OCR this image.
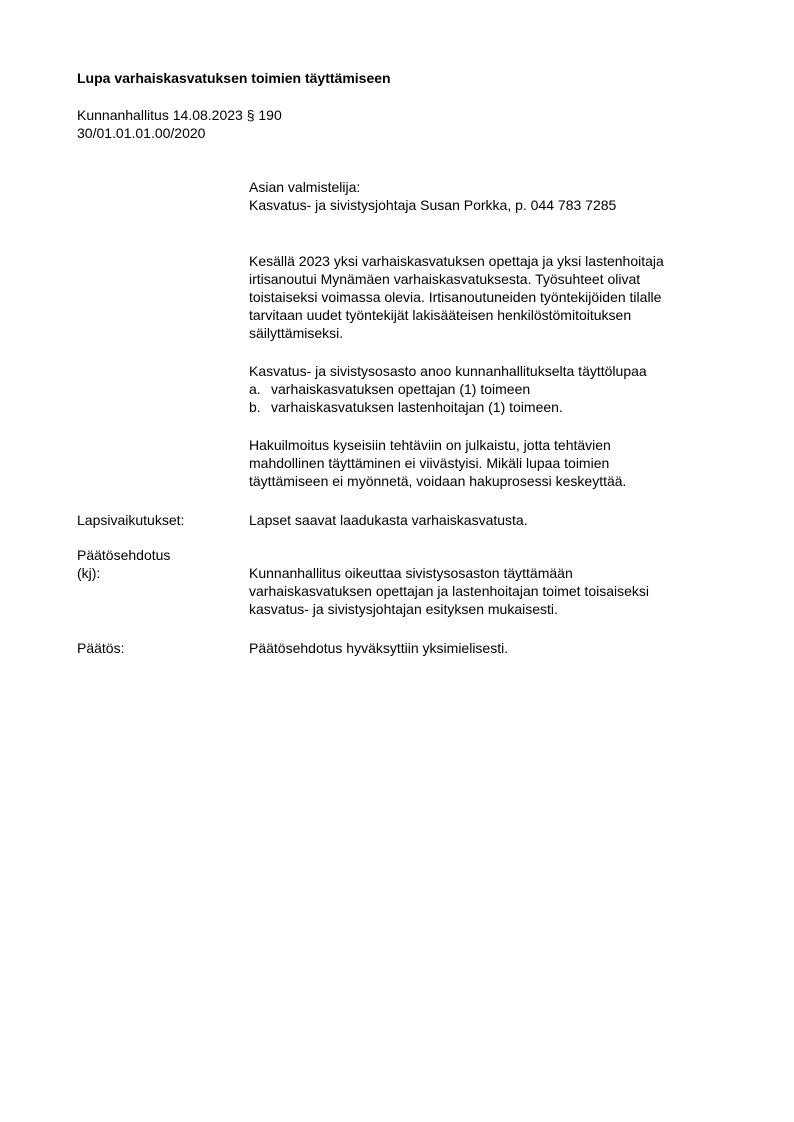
Lupa varhaiskasvatuksen toimien täyttämiseen
Kunnanhallitus 14.08.2023 § 190
30/01.01.01.00/2020
Asian valmistelija:
Kasvatus- ja sivistysjohtaja Susan Porkka, p. 044 783 7285
Kesällä 2023 yksi varhaiskasvatuksen opettaja ja yksi lastenhoitaja
irtisanoutui Mynämäen varhaiskasvatuksesta. Työsuhteet olivat
toistaiseksi voimassa olevia. Irtisanoutuneiden työntekijöiden tilalle
tarvitaan uudet työntekijät lakisääteisen henkilöstömitoituksen
säilyttämiseksi.
Kasvatus- ja sivistysosasto anoo kunnanhallitukselta täyttölupaa
a. varhaiskasvatuksen opettajan (1) toimeen
b. varhaiskasvatuksen lastenhoitajan (1) toimeen.
Hakuilmoitus kyseisiin tehtäviin on julkaistu, jotta tehtävien
mahdollinen täyttäminen ei viivästyisi. Mikäli lupaa toimien
täyttämiseen ei myönnetä, voidaan hakuprosessi keskeyttää.
Lapsivaikutukset:	Lapset saavat laadukasta varhaiskasvatusta.
Päätösehdotus
(kj):	Kunnanhallitus oikeuttaa sivistysosaston täyttämään
varhaiskasvatuksen opettajan ja lastenhoitajan toimet toisaiseksi
kasvatus- ja sivistysjohtajan esityksen mukaisesti.
Päätös:	Päätösehdotus hyväksyttiin yksimielisesti.
